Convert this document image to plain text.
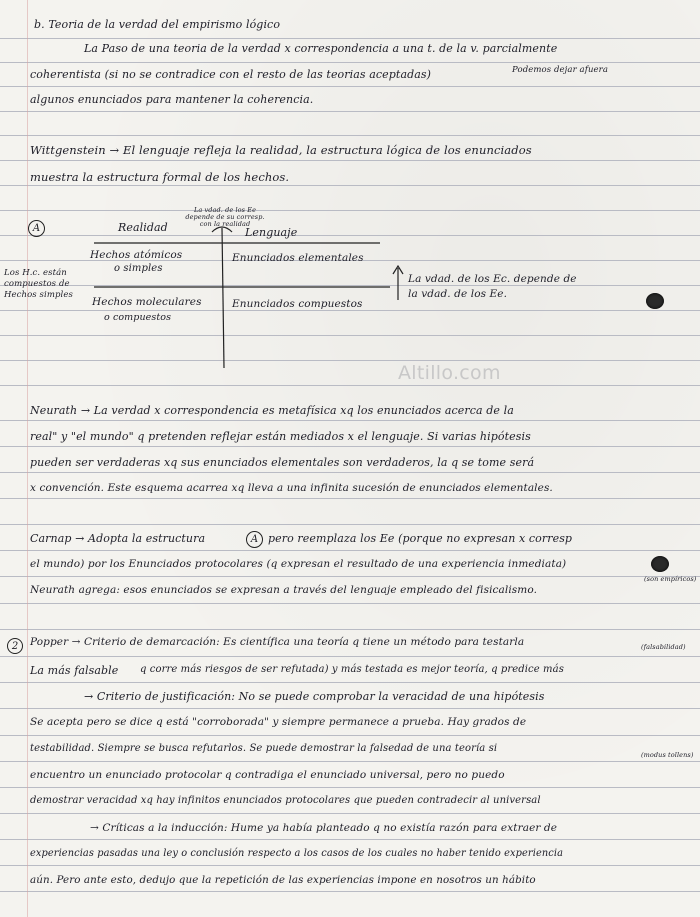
Altillo.com
b. Teoria de la verdad del empirismo lógico
La Paso de una teoria de la verdad x correspondencia a una t. de la v. parcialmente
coherentista (si no se contradice con el resto de las teorias aceptadas)	Podemos dejar afuera
algunos enunciados para mantener la coherencia.
Wittgenstein → El lenguaje refleja la realidad, la estructura lógica de los enunciados
muestra la estructura formal de los hechos.
A
La vdad. de los Ee depende de su corresp. con la realidad
Realidad	Lenguaje
Hechos atómicos
o simples
Enunciados elementales
Hechos moleculares
o compuestos
Enunciados compuestos
Los H.c. están
compuestos de
Hechos simples
La vdad. de los Ec. depende de
la vdad. de los Ee.
Neurath → La verdad x correspondencia es metafísica xq los enunciados acerca de la
real" y "el mundo" q pretenden reflejar están mediados x el lenguaje. Si varias hipótesis
pueden ser verdaderas xq sus enunciados elementales son verdaderos, la q se tome será
x convención. Este esquema acarrea xq lleva a una infinita sucesión de enunciados elementales.
Carnap → Adopta la estructura	A pero reemplaza los Ee (porque no expresan x corresp
el mundo) por los Enunciados protocolares (q expresan el resultado de una experiencia inmediata)
(son empíricos)
Neurath agrega: esos enunciados se expresan a través del lenguaje empleado del fisicalismo.
2	Popper → Criterio de demarcación: Es científica una teoría q tiene un método para testarla	(falsabilidad)
La más falsable q corre más riesgos de ser refutada) y más testada es mejor teoría, q predice más
→ Criterio de justificación: No se puede comprobar la veracidad de una hipótesis
Se acepta pero se dice q está "corroborada" y siempre permanece a prueba. Hay grados de
testabilidad. Siempre se busca refutarlos. Se puede demostrar la falsedad de una teoría si
(modus tollens)
encuentro un enunciado protocolar q contradiga el enunciado universal, pero no puedo
demostrar veracidad xq hay infinitos enunciados protocolares que pueden contradecir al universal
→ Críticas a la inducción: Hume ya había planteado q no existía razón para extraer de
experiencias pasadas una ley o conclusión respecto a los casos de los cuales no haber tenido experiencia
aún. Pero ante esto, dedujo que la repetición de las experiencias impone en nosotros un hábito
